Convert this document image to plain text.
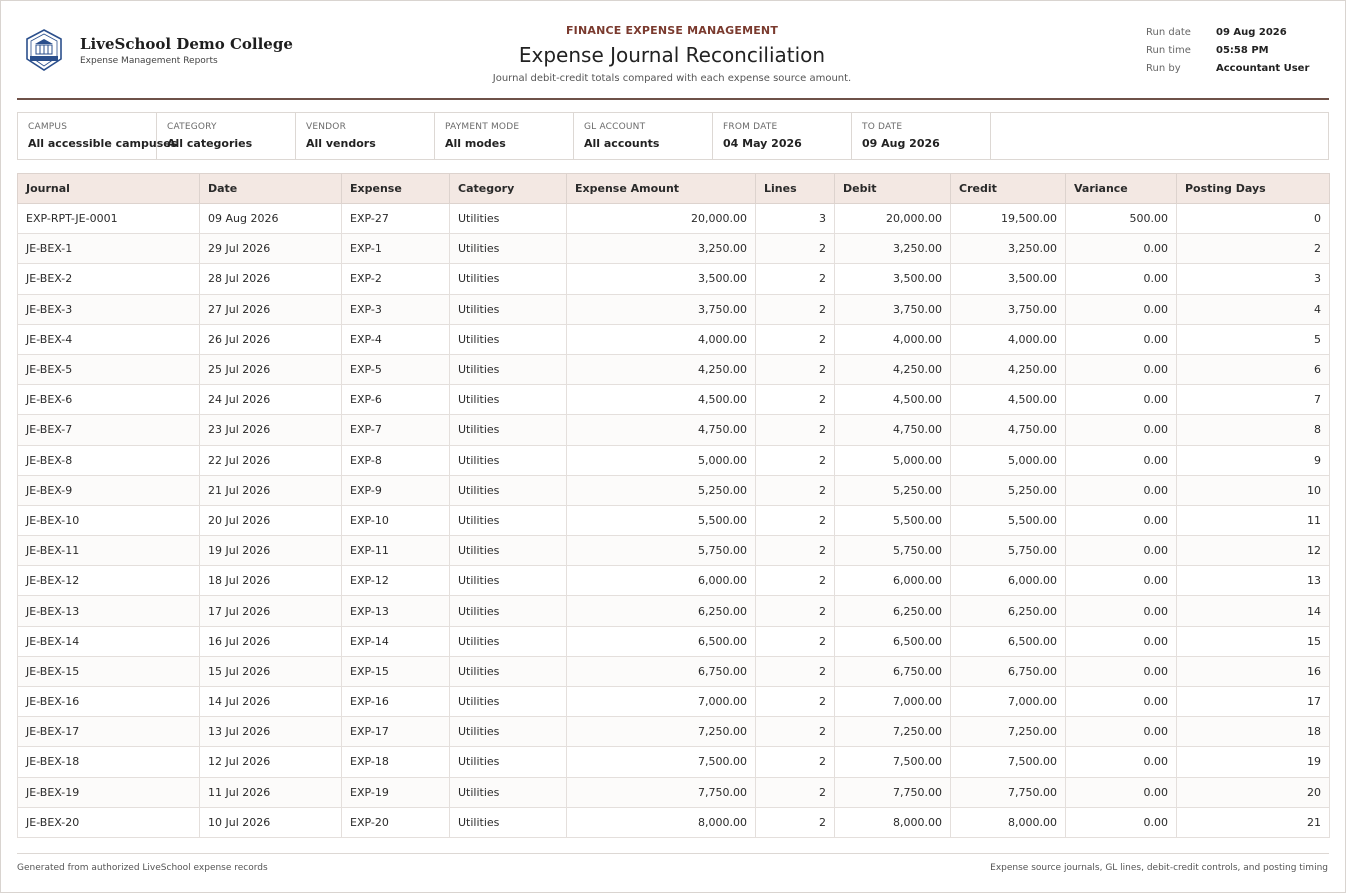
LiveSchool Demo College
Expense Management Reports
FINANCE EXPENSE MANAGEMENT
Expense Journal Reconciliation
Journal debit-credit totals compared with each expense source amount.
Run date	09 Aug 2026
Run time	05:58 PM
Run by	Accountant User
CAMPUS
All accessible campuses
CATEGORY
All categories
VENDOR
All vendors
PAYMENT MODE
All modes
GL ACCOUNT
All accounts
FROM DATE
04 May 2026
TO DATE
09 Aug 2026
Journal	Date	Expense	Category	Expense Amount	Lines	Debit	Credit	Variance	Posting Days
EXP-RPT-JE-0001	09 Aug 2026	EXP-27	Utilities	20,000.00	3	20,000.00	19,500.00	500.00	0
JE-BEX-1	29 Jul 2026	EXP-1	Utilities	3,250.00	2	3,250.00	3,250.00	0.00	2
JE-BEX-2	28 Jul 2026	EXP-2	Utilities	3,500.00	2	3,500.00	3,500.00	0.00	3
JE-BEX-3	27 Jul 2026	EXP-3	Utilities	3,750.00	2	3,750.00	3,750.00	0.00	4
JE-BEX-4	26 Jul 2026	EXP-4	Utilities	4,000.00	2	4,000.00	4,000.00	0.00	5
JE-BEX-5	25 Jul 2026	EXP-5	Utilities	4,250.00	2	4,250.00	4,250.00	0.00	6
JE-BEX-6	24 Jul 2026	EXP-6	Utilities	4,500.00	2	4,500.00	4,500.00	0.00	7
JE-BEX-7	23 Jul 2026	EXP-7	Utilities	4,750.00	2	4,750.00	4,750.00	0.00	8
JE-BEX-8	22 Jul 2026	EXP-8	Utilities	5,000.00	2	5,000.00	5,000.00	0.00	9
JE-BEX-9	21 Jul 2026	EXP-9	Utilities	5,250.00	2	5,250.00	5,250.00	0.00	10
JE-BEX-10	20 Jul 2026	EXP-10	Utilities	5,500.00	2	5,500.00	5,500.00	0.00	11
JE-BEX-11	19 Jul 2026	EXP-11	Utilities	5,750.00	2	5,750.00	5,750.00	0.00	12
JE-BEX-12	18 Jul 2026	EXP-12	Utilities	6,000.00	2	6,000.00	6,000.00	0.00	13
JE-BEX-13	17 Jul 2026	EXP-13	Utilities	6,250.00	2	6,250.00	6,250.00	0.00	14
JE-BEX-14	16 Jul 2026	EXP-14	Utilities	6,500.00	2	6,500.00	6,500.00	0.00	15
JE-BEX-15	15 Jul 2026	EXP-15	Utilities	6,750.00	2	6,750.00	6,750.00	0.00	16
JE-BEX-16	14 Jul 2026	EXP-16	Utilities	7,000.00	2	7,000.00	7,000.00	0.00	17
JE-BEX-17	13 Jul 2026	EXP-17	Utilities	7,250.00	2	7,250.00	7,250.00	0.00	18
JE-BEX-18	12 Jul 2026	EXP-18	Utilities	7,500.00	2	7,500.00	7,500.00	0.00	19
JE-BEX-19	11 Jul 2026	EXP-19	Utilities	7,750.00	2	7,750.00	7,750.00	0.00	20
JE-BEX-20	10 Jul 2026	EXP-20	Utilities	8,000.00	2	8,000.00	8,000.00	0.00	21
Generated from authorized LiveSchool expense records	Expense source journals, GL lines, debit-credit controls, and posting timing
